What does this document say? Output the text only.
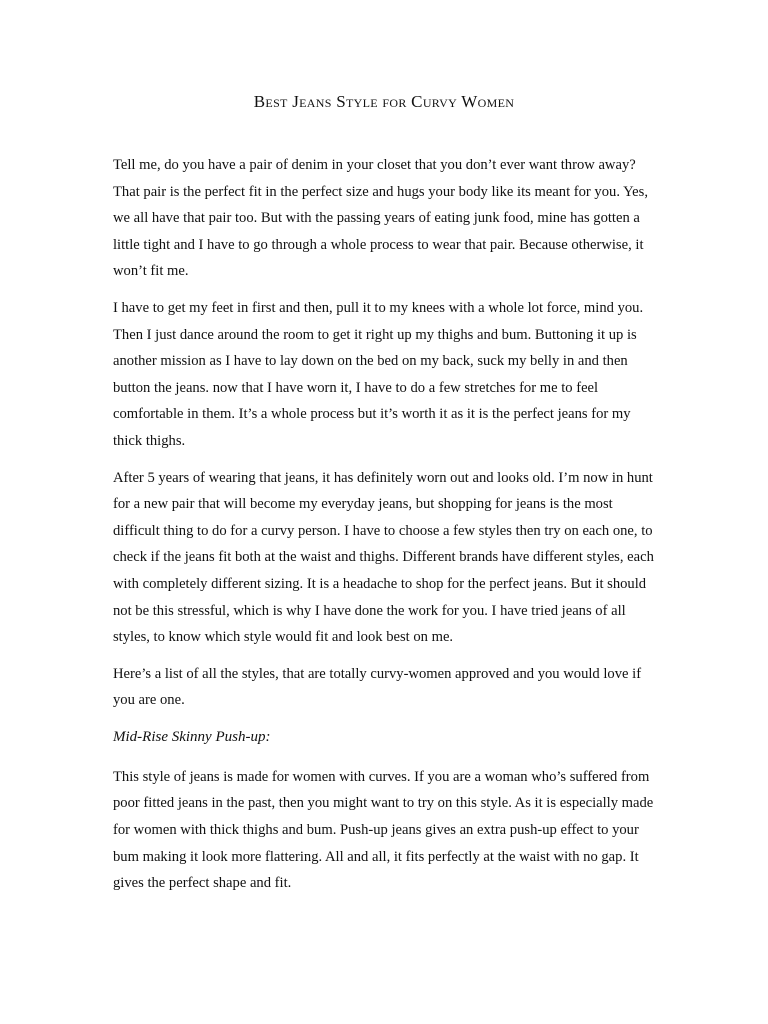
Best Jeans Style for Curvy Women

Tell me, do you have a pair of denim in your closet that you don’t ever want throw away? That pair is the perfect fit in the perfect size and hugs your body like its meant for you. Yes, we all have that pair too. But with the passing years of eating junk food, mine has gotten a little tight and I have to go through a whole process to wear that pair. Because otherwise, it won’t fit me.

I have to get my feet in first and then, pull it to my knees with a whole lot force, mind you. Then I just dance around the room to get it right up my thighs and bum. Buttoning it up is another mission as I have to lay down on the bed on my back, suck my belly in and then button the jeans. now that I have worn it, I have to do a few stretches for me to feel comfortable in them. It’s a whole process but it’s worth it as it is the perfect jeans for my thick thighs.

After 5 years of wearing that jeans, it has definitely worn out and looks old. I’m now in hunt for a new pair that will become my everyday jeans, but shopping for jeans is the most difficult thing to do for a curvy person. I have to choose a few styles then try on each one, to check if the jeans fit both at the waist and thighs. Different brands have different styles, each with completely different sizing. It is a headache to shop for the perfect jeans. But it should not be this stressful, which is why I have done the work for you. I have tried jeans of all styles, to know which style would fit and look best on me.

Here’s a list of all the styles, that are totally curvy-women approved and you would love if you are one.

Mid-Rise Skinny Push-up:

This style of jeans is made for women with curves. If you are a woman who’s suffered from poor fitted jeans in the past, then you might want to try on this style. As it is especially made for women with thick thighs and bum. Push-up jeans gives an extra push-up effect to your bum making it look more flattering. All and all, it fits perfectly at the waist with no gap. It gives the perfect shape and fit.
